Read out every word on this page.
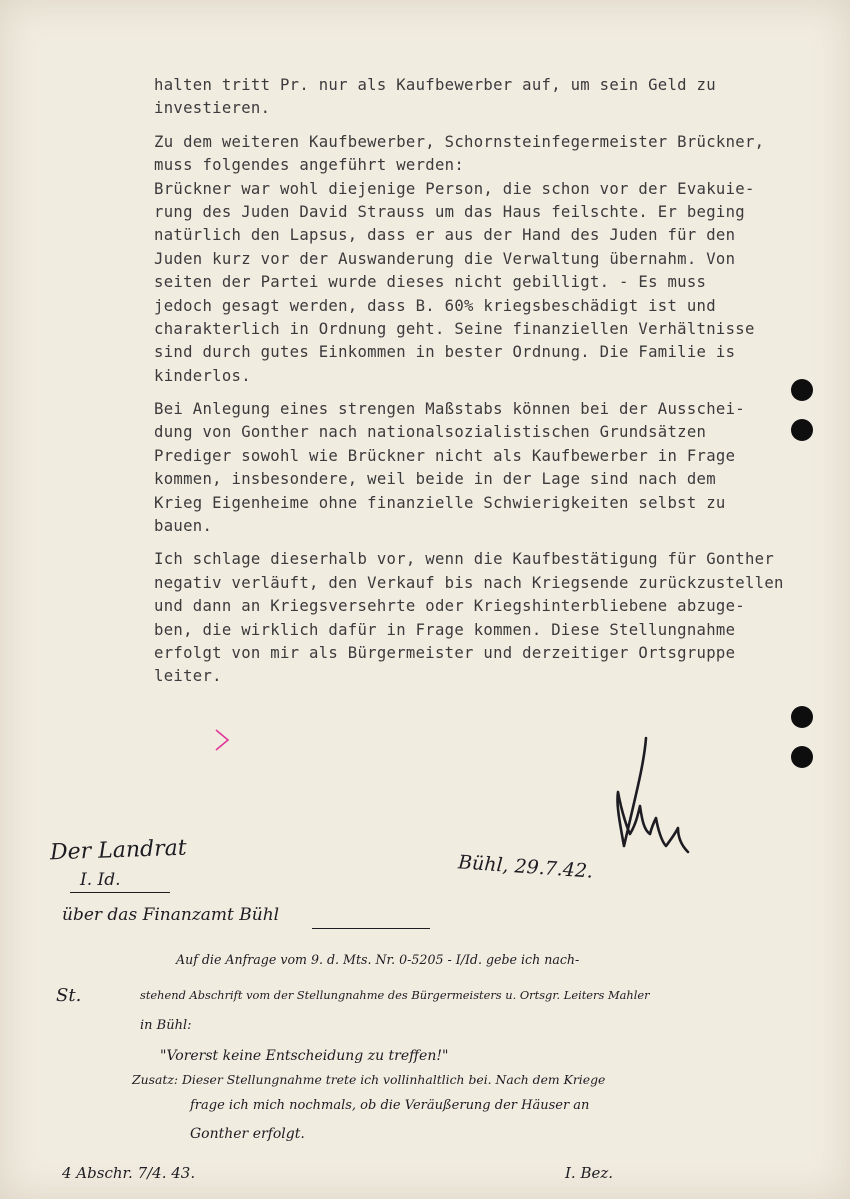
halten tritt Pr. nur als Kaufbewerber auf, um sein Geld zu
investieren.
Zu dem weiteren Kaufbewerber, Schornsteinfegermeister Brückner,
muss folgendes angeführt werden:
Brückner war wohl diejenige Person, die schon vor der Evakuie-
rung des Juden David Strauss um das Haus feilschte. Er beging
natürlich den Lapsus, dass er aus der Hand des Juden für den
Juden kurz vor der Auswanderung die Verwaltung übernahm. Von
seiten der Partei wurde dieses nicht gebilligt. - Es muss
jedoch gesagt werden, dass B. 60% kriegsbeschädigt ist und
charakterlich in Ordnung geht. Seine finanziellen Verhältnisse
sind durch gutes Einkommen in bester Ordnung. Die Familie is
kinderlos.
Bei Anlegung eines strengen Maßstabs können bei der Ausschei-
dung von Gonther nach nationalsozialistischen Grundsätzen
Prediger sowohl wie Brückner nicht als Kaufbewerber in Frage
kommen, insbesondere, weil beide in der Lage sind nach dem
Krieg Eigenheime ohne finanzielle Schwierigkeiten selbst zu
bauen.
Ich schlage dieserhalb vor, wenn die Kaufbestätigung für Gonther
negativ verläuft, den Verkauf bis nach Kriegsende zurückzustellen
und dann an Kriegsversehrte oder Kriegshinterbliebene abzuge-
ben, die wirklich dafür in Frage kommen. Diese Stellungnahme
erfolgt von mir als Bürgermeister und derzeitiger Ortsgruppe
leiter.
Der Landrat
I. Id.	Bühl, 29.7.42.
über das Finanzamt Bühl
St.
Auf die Anfrage vom 9. d. Mts. Nr. 0-5205 - I/Id. gebe ich nach-
stehend Abschrift vom der Stellungnahme des Bürgermeisters u. Ortsgr. Leiters Mahler
in Bühl:
"Vorerst keine Entscheidung zu treffen!"
Zusatz: Dieser Stellungnahme trete ich vollinhaltlich bei. Nach dem Kriege
frage ich mich nochmals, ob die Veräußerung der Häuser an
Gonther erfolgt.
4 Abschr. 7/4. 43.	I. Bez.
